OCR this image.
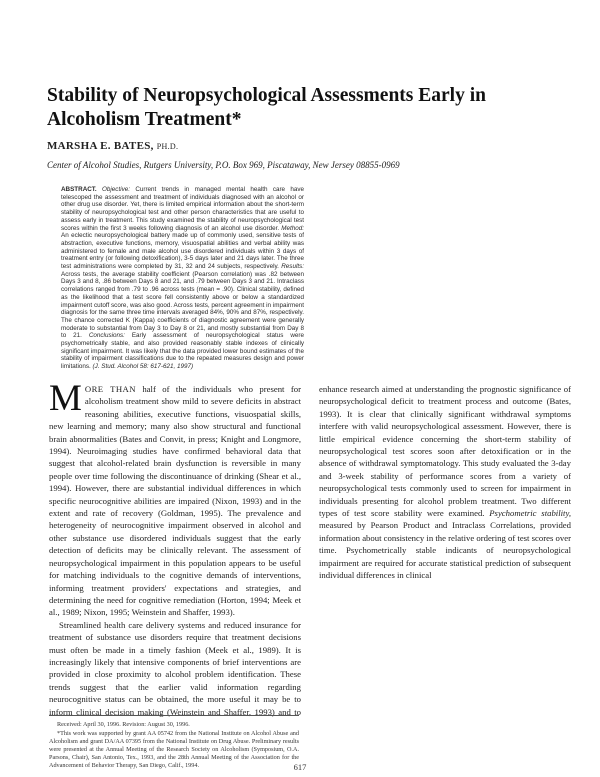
Stability of Neuropsychological Assessments Early in Alcoholism Treatment*
MARSHA E. BATES, PH.D.
Center of Alcohol Studies, Rutgers University, P.O. Box 969, Piscataway, New Jersey 08855-0969

ABSTRACT. Objective: Current trends in managed mental health care have telescoped the assessment and treatment of individuals diagnosed with an alcohol or other drug use disorder. Yet, there is limited empirical information about the short-term stability of neuropsychological test and other person characteristics that are useful to assess early in treatment. This study examined the stability of neuropsychological test scores within the first 3 weeks following diagnosis of an alcohol use disorder. Method: An eclectic neuropsychological battery made up of commonly used, sensitive tests of abstraction, executive functions, memory, visuospatial abilities and verbal ability was administered to female and male alcohol use disordered individuals within 3 days of treatment entry (or following detoxification), 3-5 days later and 21 days later. The three test administrations were completed by 31, 32 and 24 subjects, respectively. Results: Across tests, the average stability coefficient (Pearson correlation) was .82 between Days 3 and 8, .86 between Days 8 and 21, and .79 between Days 3 and 21. Intraclass correlations ranged from .79 to .96 across tests (mean = .90). Clinical stability, defined as the likelihood that a test score fell consistently above or below a standardized impairment cutoff score, was also good. Across tests, percent agreement in impairment diagnosis for the same three time intervals averaged 84%, 90% and 87%, respectively. The chance corrected K (Kappa) coefficients of diagnostic agreement were generally moderate to substantial from Day 3 to Day 8 or 21, and mostly substantial from Day 8 to 21. Conclusions: Early assessment of neuropsychological status were psychometrically stable, and also provided reasonably stable indexes of clinically significant impairment. It was likely that the data provided lower bound estimates of the stability of impairment classifications due to the repeated measures design and power limitations. (J. Stud. Alcohol 58: 617-621, 1997)

MORE THAN half of the individuals who present for alcoholism treatment show mild to severe deficits in abstract reasoning abilities, executive functions, visuospatial skills, new learning and memory; many also show structural and functional brain abnormalities (Bates and Convit, in press; Knight and Longmore, 1994). Neuroimaging studies have confirmed behavioral data that suggest that alcohol-related brain dysfunction is reversible in many people over time following the discontinuance of drinking (Shear et al., 1994). However, there are substantial individual differences in which specific neurocognitive abilities are impaired (Nixon, 1993) and in the extent and rate of recovery (Goldman, 1995). The prevalence and heterogeneity of neurocognitive impairment observed in alcohol and other substance use disordered individuals suggest that the early detection of deficits may be clinically relevant. The assessment of neuropsychological impairment in this population appears to be useful for matching individuals to the cognitive demands of interventions, informing treatment providers' expectations and strategies, and determining the need for cognitive remediation (Horton, 1994; Meek et al., 1989; Nixon, 1995; Weinstein and Shaffer, 1993).

Streamlined health care delivery systems and reduced insurance for treatment of substance use disorders require that treatment decisions must often be made in a timely fashion (Meek et al., 1989). It is increasingly likely that intensive components of brief interventions are provided in close proximity to alcohol problem identification. These trends suggest that the earlier valid information regarding neurocognitive status can be obtained, the more useful it may be to inform clinical decision making (Weinstein and Shaffer, 1993) and to enhance research aimed at understanding the prognostic significance of neuropsychological deficit to treatment process and outcome (Bates, 1993). It is clear that clinically significant withdrawal symptoms interfere with valid neuropsychological assessment. However, there is little empirical evidence concerning the short-term stability of neuropsychological test scores soon after detoxification or in the absence of withdrawal symptomatology. This study evaluated the 3-day and 3-week stability of performance scores from a variety of neuropsychological tests commonly used to screen for impairment in individuals presenting for alcohol problem treatment. Two different types of test score stability were examined. Psychometric stability, measured by Pearson Product and Intraclass Correlations, provided information about consistency in the relative ordering of test scores over time. Psychometrically stable indicants of neuropsychological impairment are required for accurate statistical prediction of subsequent individual differences in clinical

Received: April 30, 1996. Revision: August 30, 1996.

*This work was supported by grant AA 05742 from the National Institute on Alcohol Abuse and Alcoholism and grant DA/AA 07395 from the National Institute on Drug Abuse. Preliminary results were presented at the Annual Meeting of the Research Society on Alcoholism (Symposium, O.A. Parsons, Chair), San Antonio, Tex., 1993, and the 28th Annual Meeting of the Association for the Advancement of Behavior Therapy, San Diego, Calif., 1994.	617
